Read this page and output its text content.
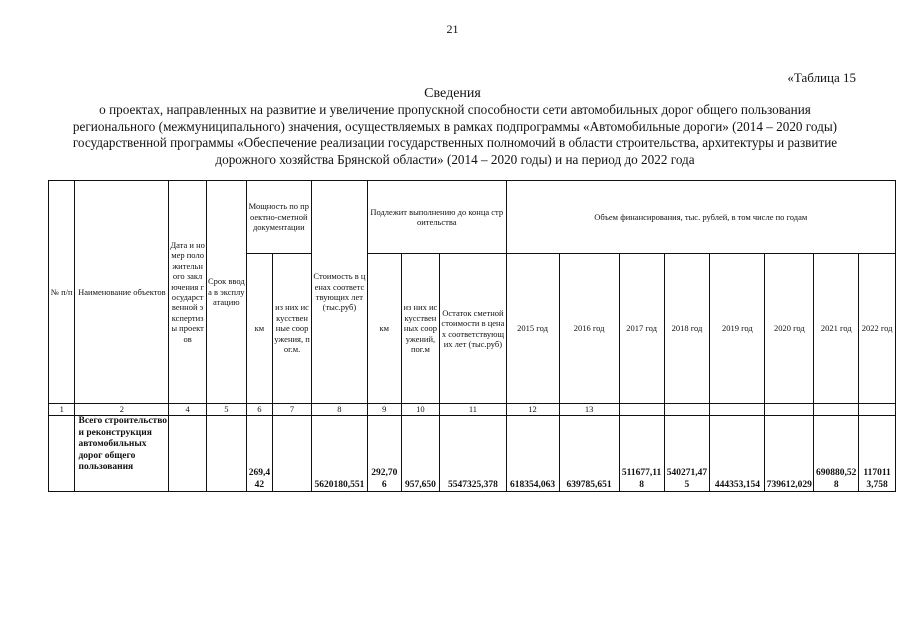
21
«Таблица 15
Сведения
о проектах, направленных на развитие и увеличение пропускной способности сети автомобильных дорог общего пользования регионального (межмуниципального) значения, осуществляемых в рамках подпрограммы «Автомобильные дороги» (2014 – 2020 годы) государственной программы «Обеспечение реализации государственных полномочий в области строительства, архитектуры и развитие дорожного хозяйства Брянской области» (2014 – 2020 годы) и на период до 2022 года
№ п/п	Наименование объектов	Дата и номер положительного заключения государственной экспертизы проектов	Срок ввода в эксплуатацию	Мощность по проектно-сметной документации		Стоимость в ценах соответствующих лет (тыс.руб)	Подлежит выполнению до конца строительства			Объем финансирования, тыс. рублей, в том числе по годам							
				км	из них искусственные сооружения, пог.м.		км	из них искусственных сооружений, пог.м	Остаток сметной стоимости в ценах соответствующих лет (тыс.руб)	2015 год	2016 год	2017 год	2018 год	2019 год	2020 год	2021 год	2022 год
1	2	4	5	6	7	8	9	10	11	12	13						
	Всего строительство и реконструкция автомобильных дорог общего пользования			269,442		5620180,551	292,706	957,650	5547325,378	618354,063	639785,651	511677,118	540271,475	444353,154	739612,029	690880,528	1170113,758
